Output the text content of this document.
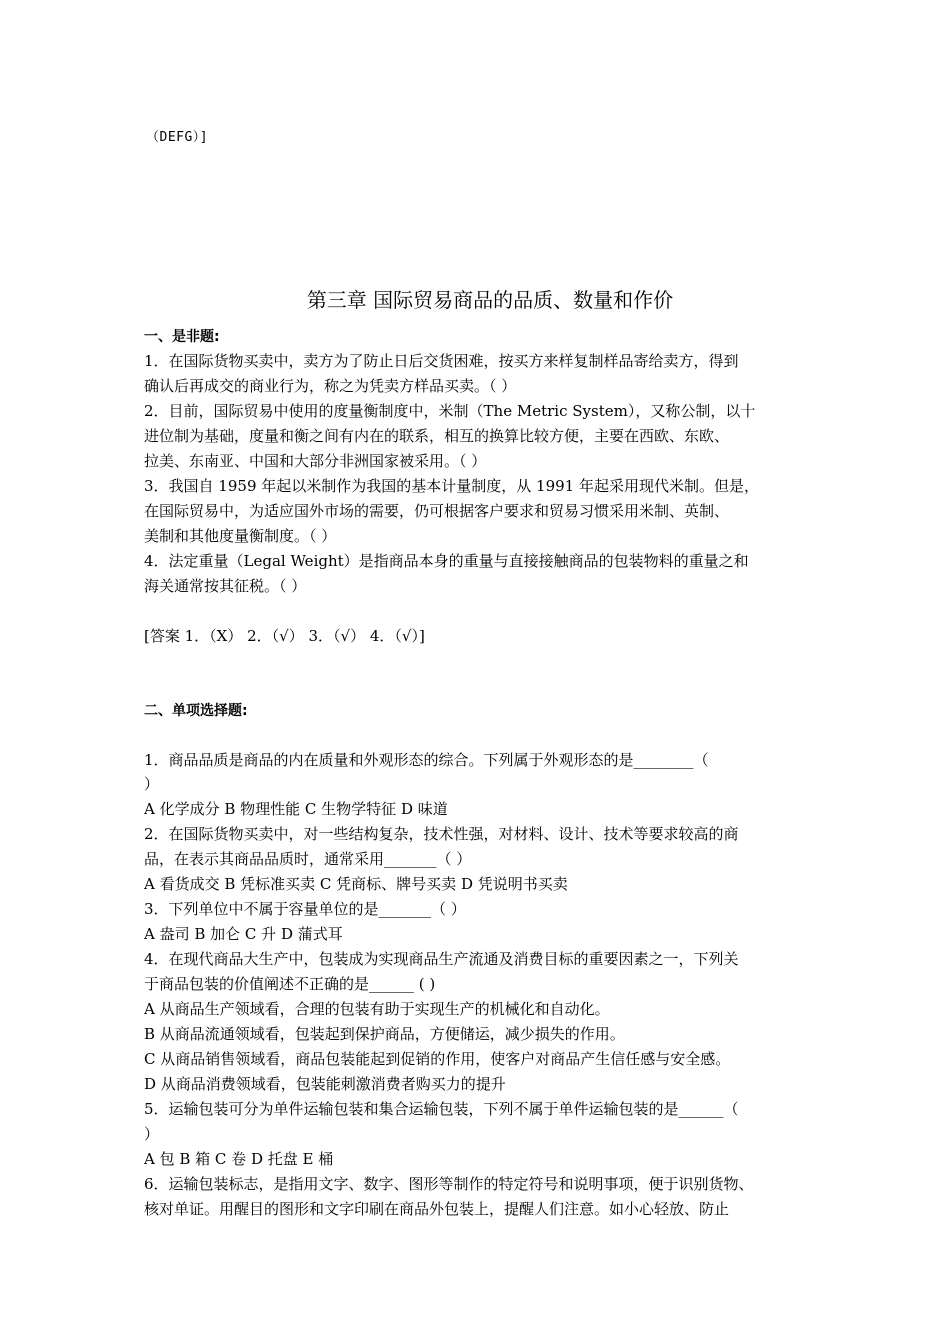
（DEFG）]
第三章 国际贸易商品的品质、数量和作价
一、是非题:
1．在国际货物买卖中，卖方为了防止日后交货困难，按买方来样复制样品寄给卖方，得到
确认后再成交的商业行为，称之为凭卖方样品买卖。（ ）
2．目前，国际贸易中使用的度量衡制度中，米制（The Metric System），又称公制，以十
进位制为基础，度量和衡之间有内在的联系，相互的换算比较方便，主要在西欧、东欧、
拉美、东南亚、中国和大部分非洲国家被采用。（ ）
3．我国自 1959 年起以米制作为我国的基本计量制度，从 1991 年起采用现代米制。但是，
在国际贸易中，为适应国外市场的需要，仍可根据客户要求和贸易习惯采用米制、英制、
美制和其他度量衡制度。（ ）
4．法定重量（Legal Weight）是指商品本身的重量与直接接触商品的包装物料的重量之和
海关通常按其征税。（ ）
[答案 1．（X） 2．（√） 3．（√） 4．（√）]
二、单项选择题:
1．商品品质是商品的内在质量和外观形态的综合。下列属于外观形态的是________（
）
A 化学成分 B 物理性能 C 生物学特征 D 味道
2．在国际货物买卖中，对一些结构复杂，技术性强，对材料、设计、技术等要求较高的商
品，在表示其商品品质时，通常采用_______（ ）
A 看货成交 B 凭标准买卖 C 凭商标、牌号买卖 D 凭说明书买卖
3．下列单位中不属于容量单位的是_______（ ）
A 盎司 B 加仑 C 升 D 蒲式耳
4．在现代商品大生产中，包装成为实现商品生产流通及消费目标的重要因素之一，下列关
于商品包装的价值阐述不正确的是______ ( )
A 从商品生产领域看，合理的包装有助于实现生产的机械化和自动化。
B 从商品流通领域看，包装起到保护商品，方便储运，减少损失的作用。
C 从商品销售领域看，商品包装能起到促销的作用，使客户对商品产生信任感与安全感。
D 从商品消费领域看，包装能刺激消费者购买力的提升
5．运输包装可分为单件运输包装和集合运输包装，下列不属于单件运输包装的是______（
）
A 包 B 箱 C 卷 D 托盘 E 桶
6．运输包装标志，是指用文字、数字、图形等制作的特定符号和说明事项，便于识别货物、
核对单证。用醒目的图形和文字印刷在商品外包装上，提醒人们注意。如小心轻放、防止
